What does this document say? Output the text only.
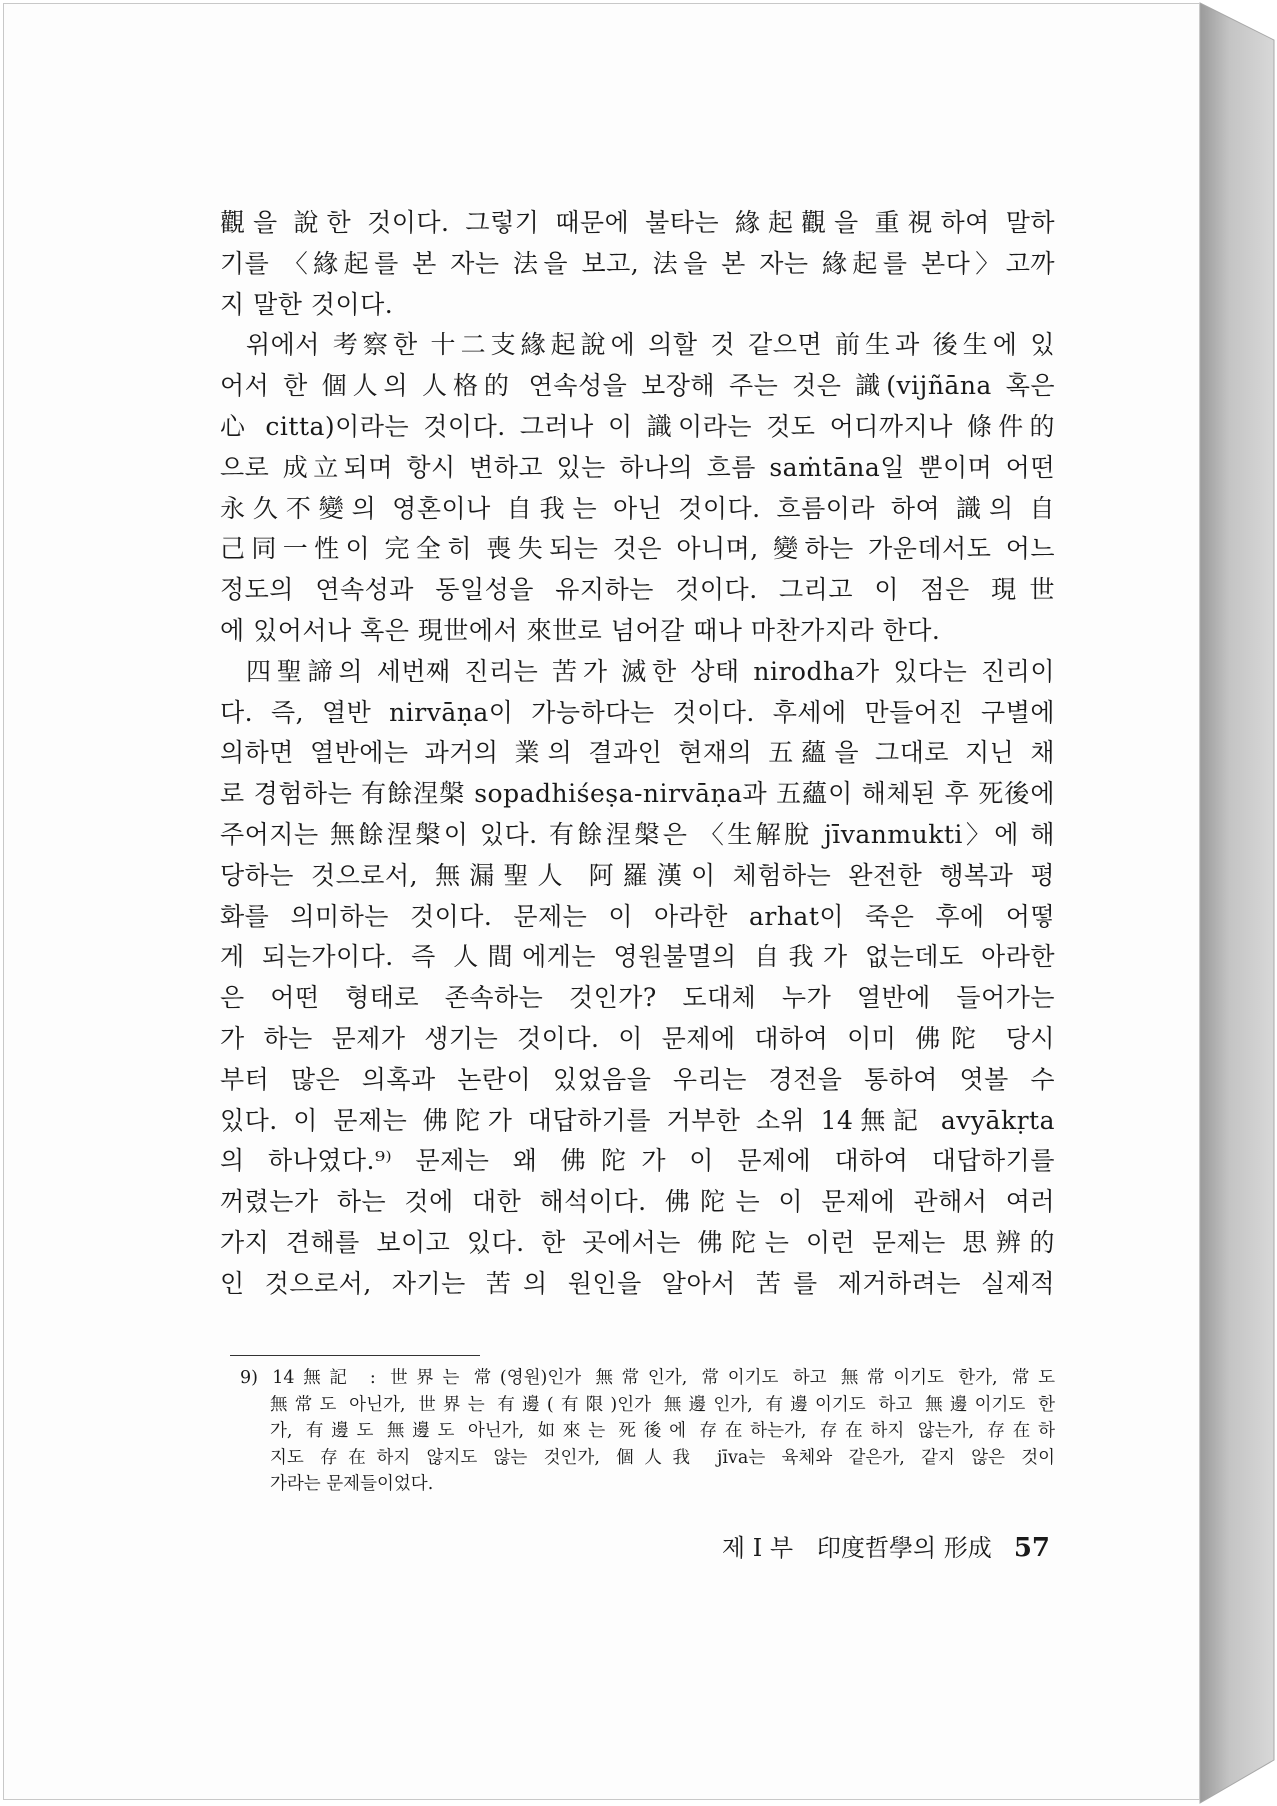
觀을 說한 것이다. 그렇기 때문에 불타는 緣起觀을 重視하여 말하
기를 〈緣起를 본 자는 法을 보고, 法을 본 자는 緣起를 본다〉고까
지 말한 것이다.
위에서 考察한 十二支緣起說에 의할 것 같으면 前生과 後生에 있
어서 한 個人의 人格的 연속성을 보장해 주는 것은 識(vijñāna 혹은
心 citta)이라는 것이다. 그러나 이 識이라는 것도 어디까지나 條件的
으로 成立되며 항시 변하고 있는 하나의 흐름 saṁtāna일 뿐이며 어떤
永久不變의 영혼이나 自我는 아닌 것이다. 흐름이라 하여 識의 自
己同一性이 完全히 喪失되는 것은 아니며, 變하는 가운데서도 어느
정도의 연속성과 동일성을 유지하는 것이다. 그리고 이 점은 現世
에 있어서나 혹은 現世에서 來世로 넘어갈 때나 마찬가지라 한다.
四聖諦의 세번째 진리는 苦가 滅한 상태 nirodha가 있다는 진리이
다. 즉, 열반 nirvāṇa이 가능하다는 것이다. 후세에 만들어진 구별에
의하면 열반에는 과거의 業의 결과인 현재의 五蘊을 그대로 지닌 채
로 경험하는 有餘涅槃 sopadhiśeṣa-nirvāṇa과 五蘊이 해체된 후 死後에
주어지는 無餘涅槃이 있다. 有餘涅槃은 〈生解脫 jīvanmukti〉에 해
당하는 것으로서, 無漏聖人 阿羅漢이 체험하는 완전한 행복과 평
화를 의미하는 것이다. 문제는 이 아라한 arhat이 죽은 후에 어떻
게 되는가이다. 즉 人間에게는 영원불멸의 自我가 없는데도 아라한
은 어떤 형태로 존속하는 것인가? 도대체 누가 열반에 들어가는
가 하는 문제가 생기는 것이다. 이 문제에 대하여 이미 佛陀 당시
부터 많은 의혹과 논란이 있었음을 우리는 경전을 통하여 엿볼 수
있다. 이 문제는 佛陀가 대답하기를 거부한 소위 14無記 avyākṛta
의 하나였다.⁹⁾ 문제는 왜 佛陀가 이 문제에 대하여 대답하기를
꺼렸는가 하는 것에 대한 해석이다. 佛陀는 이 문제에 관해서 여러
가지 견해를 보이고 있다. 한 곳에서는 佛陀는 이런 문제는 思辨的
인 것으로서, 자기는 苦의 원인을 알아서 苦를 제거하려는 실제적
9) 14無記 : 世界는 常(영원)인가 無常인가, 常이기도 하고 無常이기도 한가, 常도
無常도 아닌가, 世界는 有邊(有限)인가 無邊인가, 有邊이기도 하고 無邊이기도 한
가, 有邊도 無邊도 아닌가, 如來는 死後에 存在하는가, 存在하지 않는가, 存在하
지도 存在하지 않지도 않는 것인가, 個人我 jīva는 육체와 같은가, 같지 않은 것이
가라는 문제들이었다.
제 I 부　印度哲學의 形成 57
